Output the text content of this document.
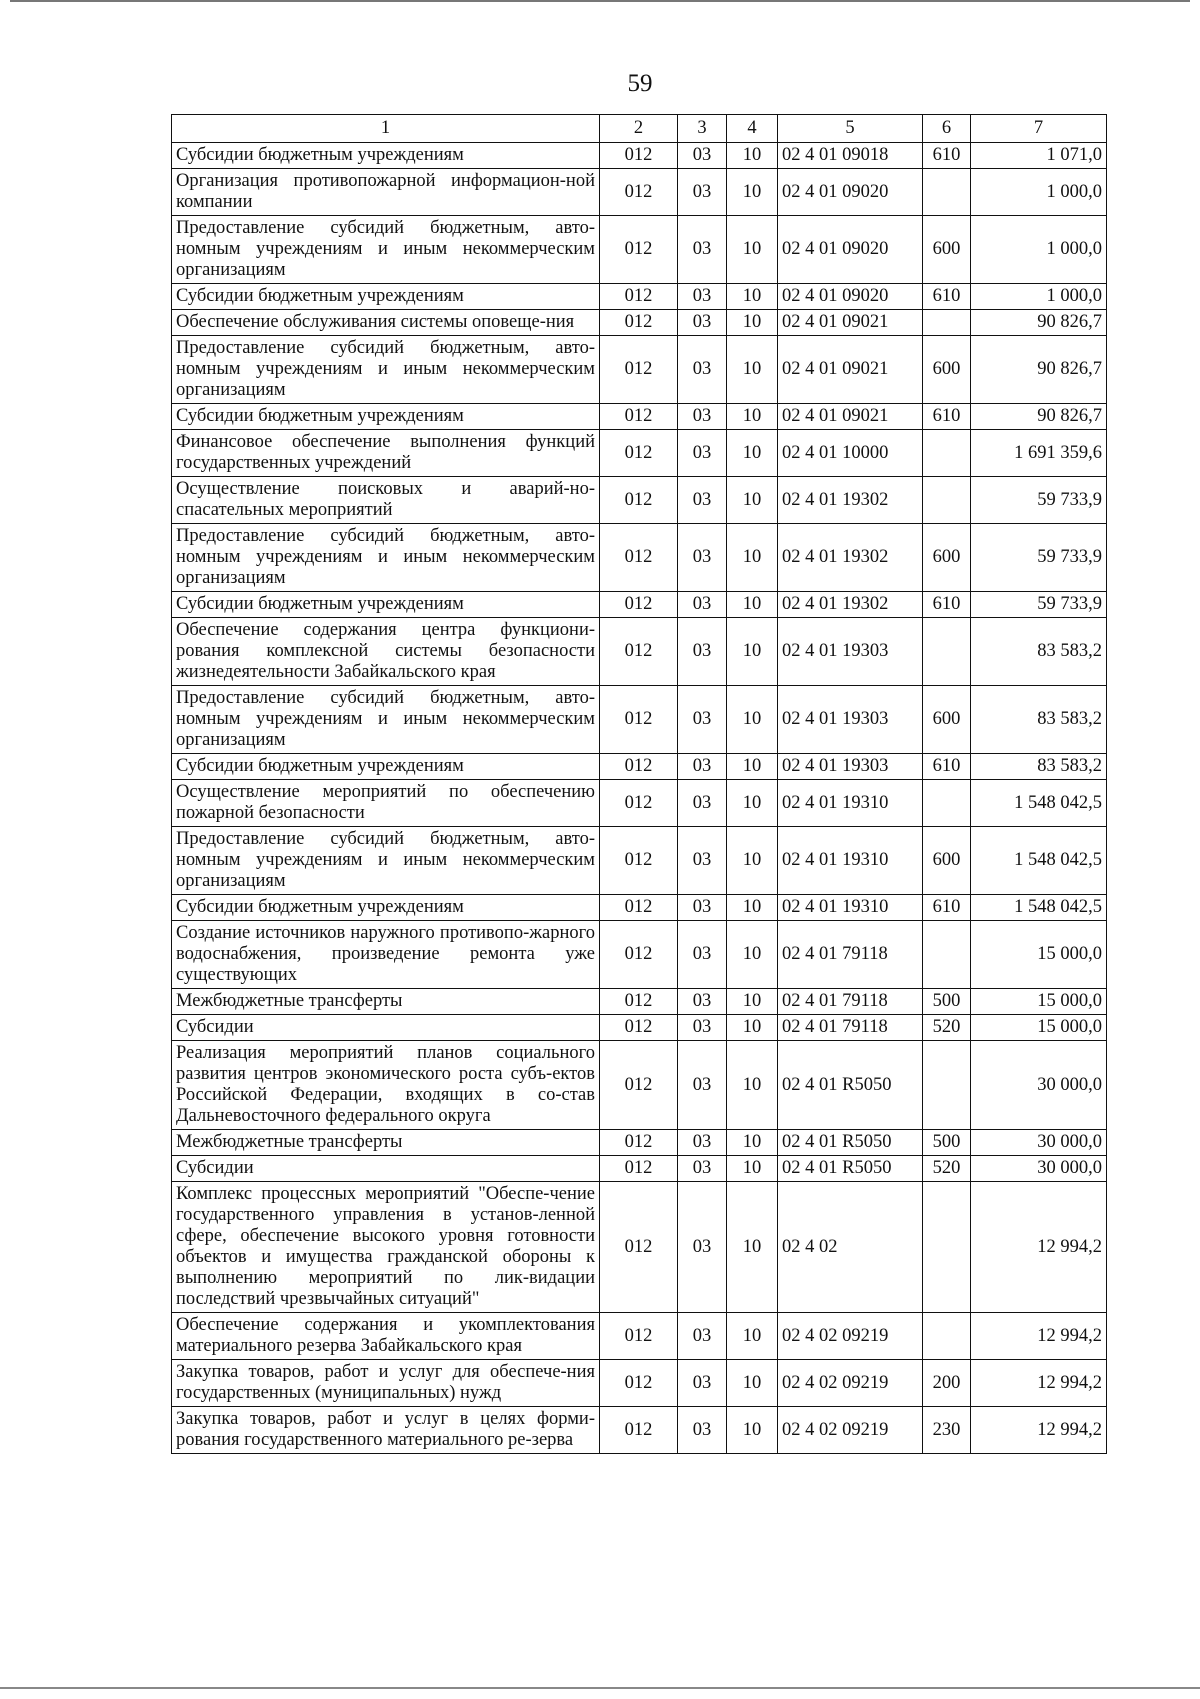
59
1	2	3	4	5	6	7
Субсидии бюджетным учреждениям	012	03	10	02 4 01 09018	610	1 071,0
Организация противопожарной информацион-ной компании	012	03	10	02 4 01 09020		1 000,0
Предоставление субсидий бюджетным, авто-номным учреждениям и иным некоммерческим организациям	012	03	10	02 4 01 09020	600	1 000,0
Субсидии бюджетным учреждениям	012	03	10	02 4 01 09020	610	1 000,0
Обеспечение обслуживания системы оповеще-ния	012	03	10	02 4 01 09021		90 826,7
Предоставление субсидий бюджетным, авто-номным учреждениям и иным некоммерческим организациям	012	03	10	02 4 01 09021	600	90 826,7
Субсидии бюджетным учреждениям	012	03	10	02 4 01 09021	610	90 826,7
Финансовое обеспечение выполнения функций государственных учреждений	012	03	10	02 4 01 10000		1 691 359,6
Осуществление поисковых и аварий-но-спасательных мероприятий	012	03	10	02 4 01 19302		59 733,9
Предоставление субсидий бюджетным, авто-номным учреждениям и иным некоммерческим организациям	012	03	10	02 4 01 19302	600	59 733,9
Субсидии бюджетным учреждениям	012	03	10	02 4 01 19302	610	59 733,9
Обеспечение содержания центра функциони-рования комплексной системы безопасности жизнедеятельности Забайкальского края	012	03	10	02 4 01 19303		83 583,2
Предоставление субсидий бюджетным, авто-номным учреждениям и иным некоммерческим организациям	012	03	10	02 4 01 19303	600	83 583,2
Субсидии бюджетным учреждениям	012	03	10	02 4 01 19303	610	83 583,2
Осуществление мероприятий по обеспечению пожарной безопасности	012	03	10	02 4 01 19310		1 548 042,5
Предоставление субсидий бюджетным, авто-номным учреждениям и иным некоммерческим организациям	012	03	10	02 4 01 19310	600	1 548 042,5
Субсидии бюджетным учреждениям	012	03	10	02 4 01 19310	610	1 548 042,5
Создание источников наружного противопо-жарного водоснабжения, произведение ремонта уже существующих	012	03	10	02 4 01 79118		15 000,0
Межбюджетные трансферты	012	03	10	02 4 01 79118	500	15 000,0
Субсидии	012	03	10	02 4 01 79118	520	15 000,0
Реализация мероприятий планов социального развития центров экономического роста субъ-ектов Российской Федерации, входящих в со-став Дальневосточного федерального округа	012	03	10	02 4 01 R5050		30 000,0
Межбюджетные трансферты	012	03	10	02 4 01 R5050	500	30 000,0
Субсидии	012	03	10	02 4 01 R5050	520	30 000,0
Комплекс процессных мероприятий "Обеспе-чение государственного управления в установ-ленной сфере, обеспечение высокого уровня готовности объектов и имущества гражданской обороны к выполнению мероприятий по лик-видации последствий чрезвычайных ситуаций"	012	03	10	02 4 02		12 994,2
Обеспечение содержания и укомплектования материального резерва Забайкальского края	012	03	10	02 4 02 09219		12 994,2
Закупка товаров, работ и услуг для обеспече-ния государственных (муниципальных) нужд	012	03	10	02 4 02 09219	200	12 994,2
Закупка товаров, работ и услуг в целях форми-рования государственного материального ре-зерва	012	03	10	02 4 02 09219	230	12 994,2
